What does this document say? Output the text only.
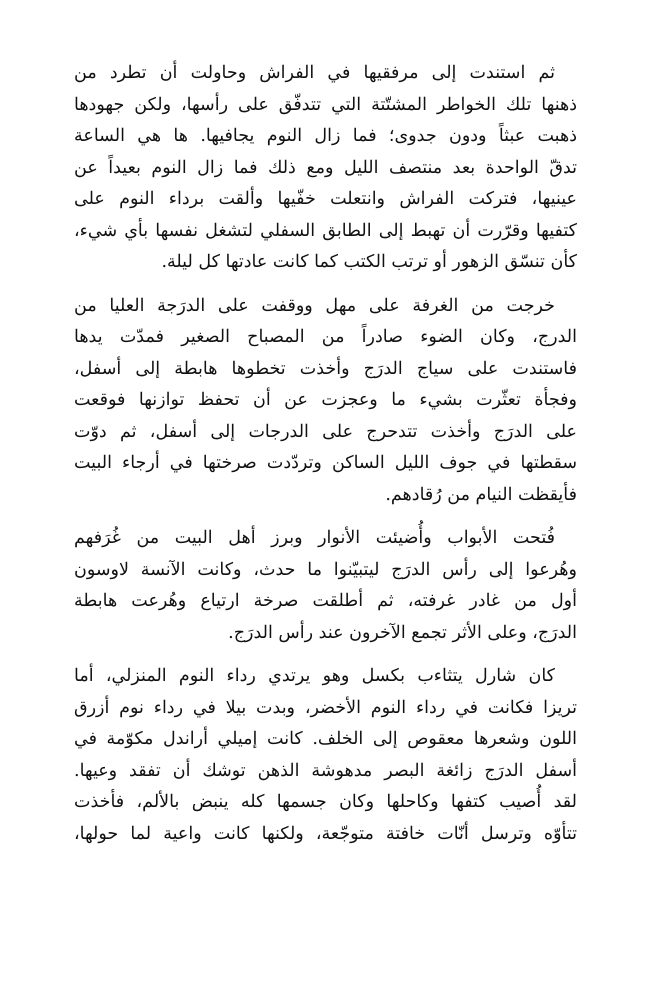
ثم استندت إلى مرفقيها في الفراش وحاولت أن تطرد من
ذهنها تلك الخواطر المشتّتة التي تتدفّق على رأسها، ولكن جهودها
ذهبت عبثاً ودون جدوى؛ فما زال النوم يجافيها. ها هي الساعة
تدقّ الواحدة بعد منتصف الليل ومع ذلك فما زال النوم بعيداً عن
عينيها، فتركت الفراش وانتعلت خفّيها وألقت برداء النوم على
كتفيها وقرّرت أن تهبط إلى الطابق السفلي لتشغل نفسها بأي شيء،
كأن تنسّق الزهور أو ترتب الكتب كما كانت عادتها كل ليلة.

خرجت من الغرفة على مهل ووقفت على الدرَجة العليا من
الدرج، وكان الضوء صادراً من المصباح الصغير فمدّت يدها
فاستندت على سياج الدرَج وأخذت تخطوها هابطة إلى أسفل،
وفجأة تعثّرت بشيء ما وعجزت عن أن تحفظ توازنها فوقعت
على الدرَج وأخذت تتدحرج على الدرجات إلى أسفل، ثم دوّت
سقطتها في جوف الليل الساكن وتردّدت صرختها في أرجاء البيت
فأيقظت النيام من رُقادهم.

فُتحت الأبواب وأُضيئت الأنوار وبرز أهل البيت من غُرَفهم
وهُرعوا إلى رأس الدرَج ليتبيّنوا ما حدث، وكانت الآنسة لاوسون
أول من غادر غرفته، ثم أطلقت صرخة ارتياع وهُرعت هابطة
الدرَج، وعلى الأثر تجمع الآخرون عند رأس الدرَج.

كان شارل يتثاءب بكسل وهو يرتدي رداء النوم المنزلي، أما
تريزا فكانت في رداء النوم الأخضر، وبدت بيلا في رداء نوم أزرق
اللون وشعرها معقوص إلى الخلف. كانت إميلي أراندل مكوّمة في
أسفل الدرَج زائغة البصر مدهوشة الذهن توشك أن تفقد وعيها.
لقد أُصيب كتفها وكاحلها وكان جسمها كله ينبض بالألم، فأخذت
تتأوّه وترسل أنّات خافتة متوجّعة، ولكنها كانت واعية لما حولها،
